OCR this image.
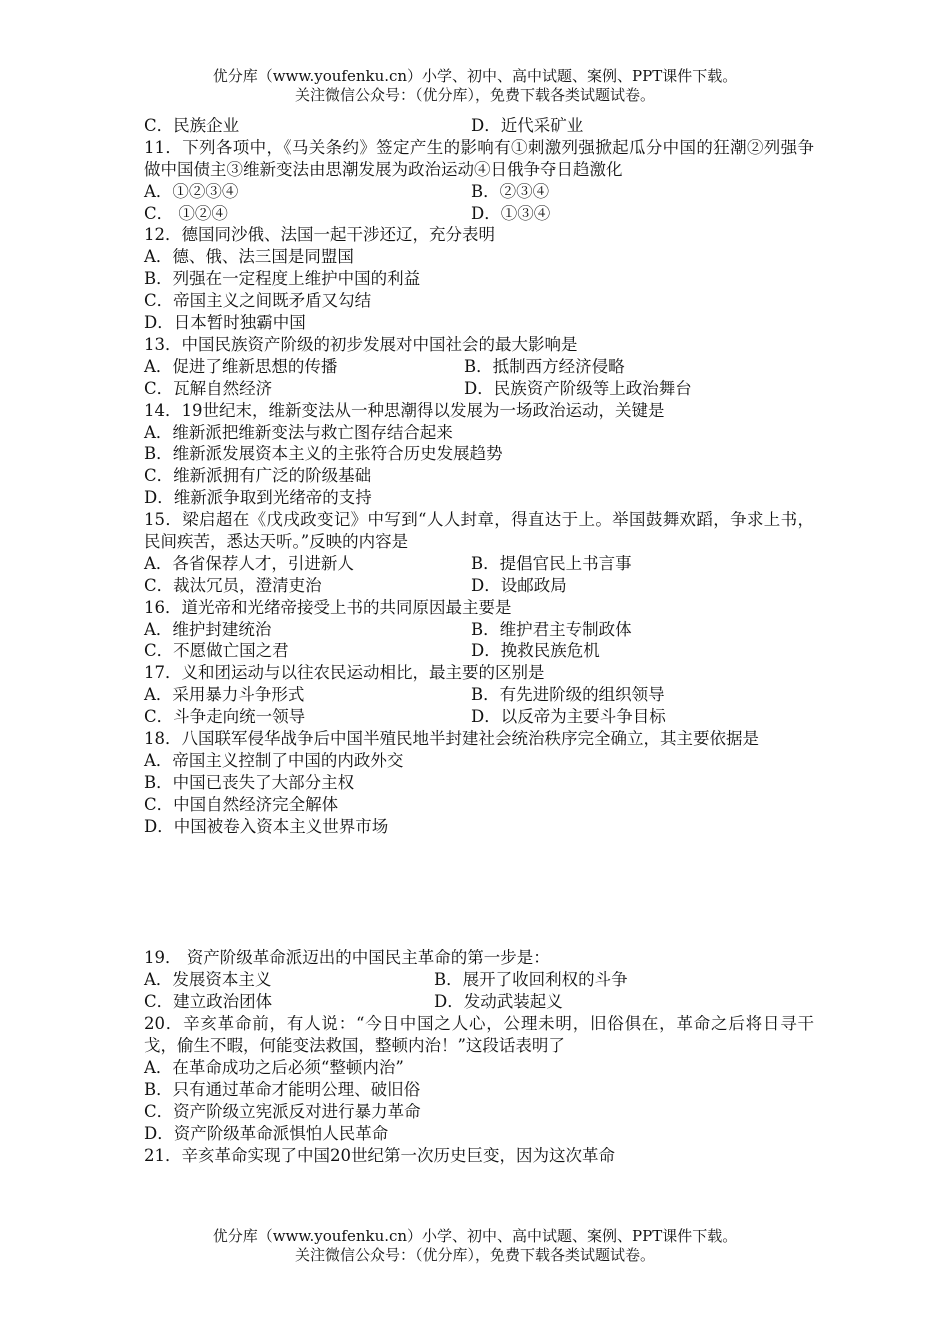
优分库（www.youfenku.cn）小学、初中、高中试题、案例、PPT课件下载。
关注微信公众号：（优分库），免费下载各类试题试卷。
C．民族企业	D．近代采矿业
11．下列各项中，《马关条约》签定产生的影响有①刺激列强掀起瓜分中国的狂潮②列强争做中国债主③维新变法由思潮发展为政治运动④日俄争夺日趋激化
A．①②③④	B．②③④
C． ①②④	D．①③④
12．德国同沙俄、法国一起干涉还辽，充分表明
A．德、俄、法三国是同盟国
B．列强在一定程度上维护中国的利益
C．帝国主义之间既矛盾又勾结
D．日本暂时独霸中国
13．中国民族资产阶级的初步发展对中国社会的最大影响是
A．促进了维新思想的传播	B．抵制西方经济侵略
C．瓦解自然经济	D．民族资产阶级等上政治舞台
14．19世纪末，维新变法从一种思潮得以发展为一场政治运动，关键是
A．维新派把维新变法与救亡图存结合起来
B．维新派发展资本主义的主张符合历史发展趋势
C．维新派拥有广泛的阶级基础
D．维新派争取到光绪帝的支持
15．梁启超在《戊戌政变记》中写到“人人封章，得直达于上。举国鼓舞欢蹈，争求上书，民间疾苦，悉达天听。”反映的内容是
A．各省保荐人才，引进新人	B．提倡官民上书言事
C．裁汰冗员，澄清吏治	D．设邮政局
16．道光帝和光绪帝接受上书的共同原因最主要是
A．维护封建统治	B．维护君主专制政体
C．不愿做亡国之君	D．挽救民族危机
17．义和团运动与以往农民运动相比，最主要的区别是
A．采用暴力斗争形式	B．有先进阶级的组织领导
C．斗争走向统一领导	D．以反帝为主要斗争目标
18．八国联军侵华战争后中国半殖民地半封建社会统治秩序完全确立，其主要依据是
A．帝国主义控制了中国的内政外交
B．中国已丧失了大部分主权
C．中国自然经济完全解体
D．中国被卷入资本主义世界市场
19． 资产阶级革命派迈出的中国民主革命的第一步是：
A．发展资本主义	B．展开了收回利权的斗争
C．建立政治团体	D．发动武装起义
20．辛亥革命前，有人说：“今日中国之人心，公理未明，旧俗俱在，革命之后将日寻干戈，偷生不暇，何能变法救国，整顿内治！”这段话表明了
A．在革命成功之后必须“整顿内治”
B．只有通过革命才能明公理、破旧俗
C．资产阶级立宪派反对进行暴力革命
D．资产阶级革命派惧怕人民革命
21．辛亥革命实现了中国20世纪第一次历史巨变，因为这次革命
优分库（www.youfenku.cn）小学、初中、高中试题、案例、PPT课件下载。
关注微信公众号：（优分库），免费下载各类试题试卷。
